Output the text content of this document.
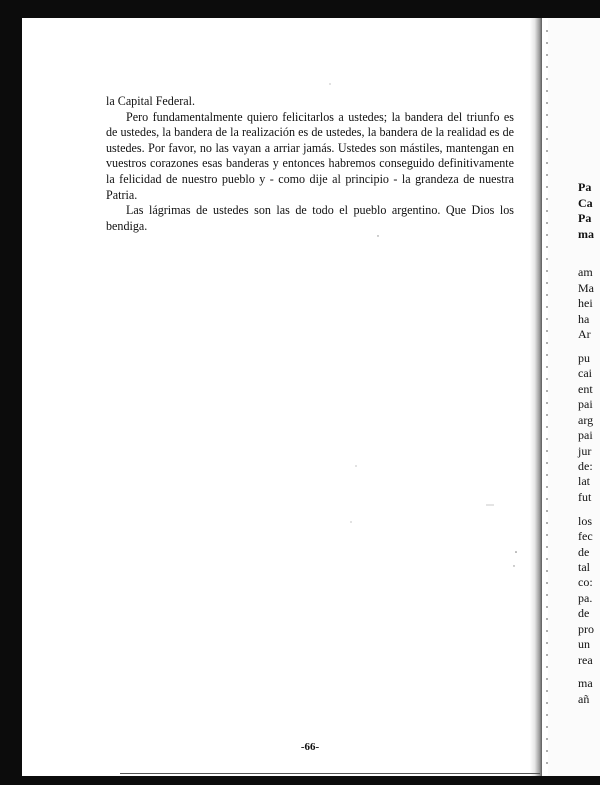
la Capital Federal.

Pero fundamentalmente quiero felicitarlos a ustedes; la bandera del triunfo es de ustedes, la bandera de la realización es de ustedes, la bandera de la realidad es de ustedes. Por favor, no las vayan a arriar jamás. Ustedes son mástiles, mantengan en vuestros corazones esas banderas y entonces habremos conseguido definitivamente la felicidad de nuestro pueblo y - como dije al principio - la grandeza de nuestra Patria.

Las lágrimas de ustedes son las de todo el pueblo argentino. Que Dios los bendiga.

-66-
Pa
Ca
Pa
ma
am
Ma
hei
ha
Ar
pu
cai
ent
pai
arg
pai
jur
de:
lat
fut
los
fec
de
tal
co:
pa.
de
pro
un
rea
ma
añ
